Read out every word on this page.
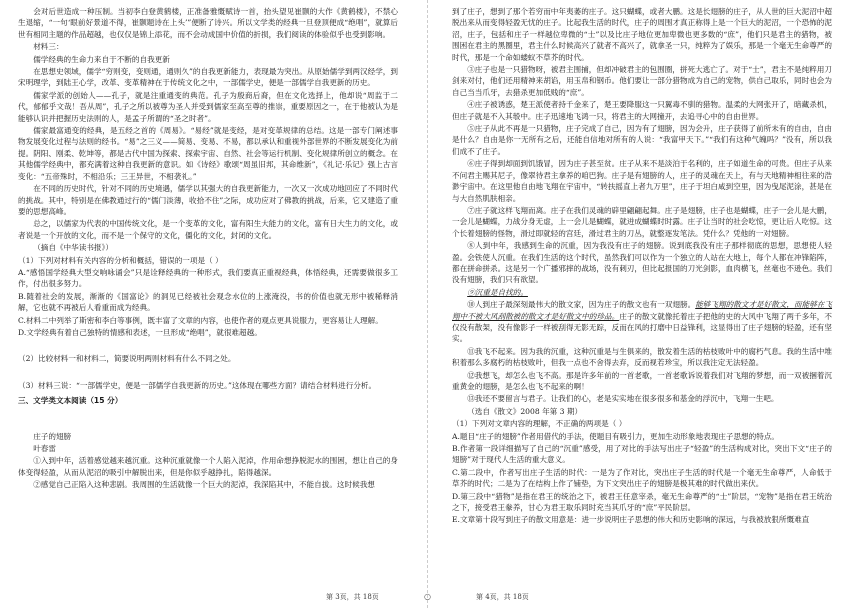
○

会对后世造成一种压制。当初李白登黄鹤楼，正准备雅慨赋诗一首，抬头望见崔颢的大作《黄鹤楼》，不禁心生退缩，“一句‘眼前好景道不得，崔颢题诗在上头’”便断了诗兴。所以文学类的经典一旦登顶便成“绝唱”，就算后世有相同主题的作品超越，也仅仅是锦上添花，而不会动成国中价值的折损，我们阅读的体验似乎也受到影响。

材料三：

儒学经典的生命力来自于不断的自我更新

在思想史领域，儒学“穷则变，变则通，通则久”的自我更新能力，表现最为突出。从原始儒学到两汉经学，到宋明理学，到陆王心学，改革、变革精神在于传统文化之中，一部儒学史，便是一部儒学自我更新的历史。

儒家学派的创始人——孔子，就是注重通变的典范。孔子为殷商后裔，但在文化选择上，他却说“周监于二代，郁郁乎文哉！吾从周”，孔子之所以被尊为圣人并受到儒家至高至尊的推崇，重要原因之一，在于他被认为是能够认识并把握历史法则的人，是孟子所谓的“圣之时者”。

儒家最富通变的经典，是五经之首的《周易》。“易经”就是变经，是对变革规律的总结。这是一部专门阐述事物发展变化过程与法则的经书。“易”之三义——简易、变易、不易，都以承认和重视外部世界的不断发展变化为前提。阴阳、刚柔、乾坤等，都是古代中国为探索、探索宇宙、自然、社会等运行机制、变化规律所创立的概念。在其他儒学经典中，都充满着这种自我更新的意识。如《诗经》歌颂“周虽旧邦，其命维新”，《礼记·乐记》强上古言变化：“五帝殊时，不相沿乐；三王异世，不相袭礼。”

在不同的历史时代，针对不同的历史境遇，儒学以其强大的自我更新能力，一次又一次成功地回应了不同时代的挑战。其中，特别是在佛教通过行的“儒门淡薄，收拾不住”之际，成功应对了佛教的挑战，后来，它又建造了重要的思想高峰。

总之，以儒家为代表的中国传统文化，是一个变革的文化，富有阳生大能力的文化，富有日大生力的文化，或者说是一个开放的文化，而不是一个保守的文化，僵化的文化，封闭的文化。

（摘自《中华读书报》）

（1）下列对材料有关内容的分析和概括，错误的一项是（ ）

A.“感悟国学经典大型交响咏诵会”只是诠释经典的一种形式，我们要真正重视经典，体悟经典，还需要做很多工作，付出很多努力。

B.随着社会的发展，渐渐的《国富论》的洞见已经被社会观念水位的上涨淹没，书的价值也就无形中被稀释消解，它也就不再被后人看重而成为经典。

C.材料二中列举了斯密和李白等事例，既丰富了文章的内容，也使作者的观点更具说服力，更容易让人理解。

D.文学经典有着自己独特的情感和表述，一旦形成“绝唱”，就很难超越。

（2）比较材料一和材料二，简要说明两则材料有什么不同之处。

（3）材料三说：“一部儒学史，便是一部儒学自我更新的历史。”这体现在哪些方面？请结合材料进行分析。

三、文学类文本阅读（15 分）

庄子的翅膀

叶春雷

①入到中年，活着感觉越来越沉重。这种沉重就像一个人陷入泥淖，作用命想挣脱泥水的围困，想让自己的身体变得轻盈，从而从泥沼的吸引中解脱出来，但是你似乎越挣扎，陷得越深。

②感觉自己正陷入这种悲剧。我周围的生活就像一个巨大的泥淖，我深陷其中，不能自拔。这时候我想

到了庄子，想到了那个若穷而中年夷萎的庄子。这只蝴蝶，或者大鹏。这是长翅膀的庄子，从人世的巨大泥沼中超脱出来从而变得轻盈无忧的庄子。比起我生活的时代，庄子的周围才真正称得上是一个巨大的泥沼，一个恐怖的泥沼，庄子，包括和庄子一样越位卑微的“士”以及比庄子地位更加卑微也更多数的“庶”，他们只是君主的猎物，被围困在君主的黑圈里，君主什么时候高兴了就者不高兴了，就拿圣一只，纯粹为了娱乐，那是一个毫无生命尊严的时代，那是一个命如蝼蚁不草芥的时代。

③庄子也是一只猎物呀，被君主围捕，但却冲破君主的包围圈，拼死大逃亡了。对于“士”，君主不是纯粹用刀剑来对付，他们还用精神来胡谄，用玉帛和钢币。他们要让一部分猎物成为自己的宠物，供自己取乐，同时也会为自己当当爪牙，去猎杀更加低贱的“庶”。

④庄子被诱惑，楚王派使者持千金来了，楚王要降服这一只翼毒不驯的猎物。温柔的大网张开了，暗藏杀机，但庄子就是不入其彀中。庄子迅速地飞鸿一只，将君主的大网撞开，去追寻心中的自由世界。

⑤庄子从此不再是一只猎物，庄子完成了自己，因为有了翅膀，因为会升，庄子获得了前所未有的自由，自由是什么？自由是你一无所有之后，还能自信地对所有的人说：“我富甲天下。”“我们有这种气魄吗？”没有，所以我们成不了庄子。

⑥庄子得到却面到饥饿冒，因为庄子甚至贫。庄子从来不是淡泊于名利的，庄子如道生命的可贵。但庄子从来不问君主赐其尼子，像翠待君主拿养的咱巴狗。庄子是有翅膀的人，庄子的灵魂在天上，有与天地精神相往来的浩渺宇宙中。在这里他自由地飞翔在宇宙中，“转扶摇直上者九万里”，庄子于坦白咸到空里，因为曳尾泥涂，甚是在与大自然肌肤相亲。

⑦庄子就这样飞翔而离。庄子在我们灵魂的辟里翩翩起舞。庄子是翅膀，庄子也是蝴蝶，庄子一会儿是大鹏，一会儿是蝴蝶，力战分身无虚，上一会儿是蝴蝶，就迸成蝴蝶时时露。庄子让当时的社会吃惊，更让后人吃惊。这个长着翅膀的怪物，滑过即就轻的宫廷，滑过君主的刀丛，就整逐发笔法。凭什么？凭他的一对翅膀。

⑧人到中年，我感到生命的沉重，因为我没有庄子的翅膀。说到底我没有庄子那样彻底的思想，思想使人轻盈。会铁使人沉重。在我们生活的这个时代，虽然我们可以作为一个独立的人站在大地上，每个人都在冲锋陷阵，都在拼命拼杀。这是另一个广播邪摔的战场，没有刺刃，但比起报国的刀光剑影，血肉横飞，丝毫也不逊色。我们没有翅膀，我们只有欲望。

⑨沉重是自找的。

⑩人到庄子最深刻最伟大的散文家，因为庄子的散文也有一双翅膀。能够飞翔的散文才是好散文，而能够在飞翔中不被大风刮散被的散文才是好散文中的珍品。庄子的散文就像托着庄子把他的史的大风中飞翔了两千多年，不仅没有散架，没有像影子一样被刮得无影无踪，反而在风的打磨中日益锋利，这显得出了庄子翅膀的轻盈，还有坚实。

⑪我飞不起来。因为我的沉重，这种沉重是与生俱来的，散发着生活的枯枝败叶中的腐朽气息。我的生活中堆积着那么多腐朽的枯枝败叶，但我一点也不舍得去弃，反而视若珍宝，所以我注定无法轻盈。

⑫我想飞，却怎么也飞不高。那是许多年前的一首老歌，一首老歌诉说着我们对飞翔的梦想，而一双被捆着沉重黄金的翅膀，是怎么也飞不起来的啊！

⑬我还不要留言与君子。让我们的心，老是实实地在很多很多和基金的浮沉中，飞翔一生吧。

（选自《散文》2008 年第 3 期）

（1）下列对文章内容的理解，不正确的两项是（ ）

A.题目“庄子的翅膀”作者用借代的手法，使题目有吸引力，更加生动形象地表现庄子思想的特点。

B.作者第一段详细描写了自己的“沉重”感受，用了对比的手法写出庄子“轻盈”的生活构成对比，突出下文“庄子的翅膀”对于现代人生活的重大意义。

C.第二段中，作者写出庄子生活的时代：一是为了作对比，突出庄子生活的时代是一个毫无生命尊严，人命低于草芥的时代；二是为了在结构上作了铺垫，为下文突出庄子的翅膀是极其难的时代做出来伏。

D.第三段中“猎物”是指在君王的统治之下，被君王任意宰杀，毫无生命尊严的“士”阶层，“宠物”是指在君王统治之下，接受君王豢养，甘心为君王取乐同时充当其爪牙的“庶”平民阶层。

E.文章第十段写到庄子的散文用意是：进一步说明庄子思想的伟大和历史影响的深远，与我被放狠所慨难直

第 3页，共 18页	第 4页，共 18页
